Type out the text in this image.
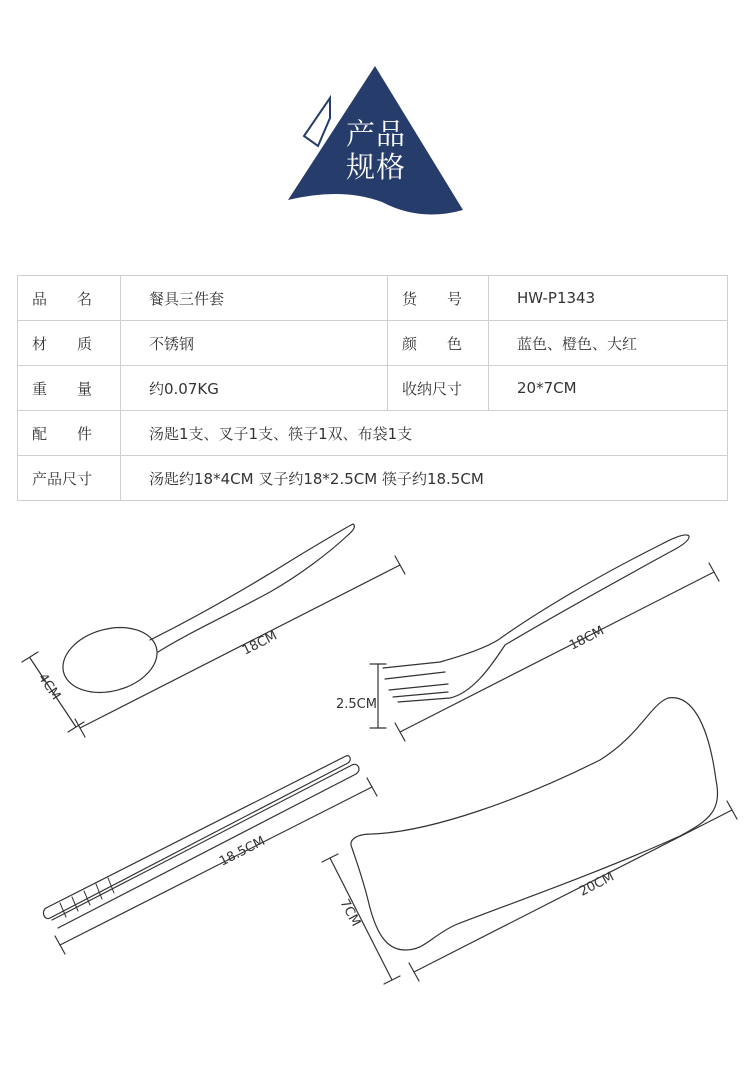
产品
规格
品　　名	餐具三件套	货　　号	HW-P1343
材　　质	不锈钢	颜　　色	蓝色、橙色、大红
重　　量	约0.07KG	收纳尺寸	20*7CM
配　　件	汤匙1支、叉子1支、筷子1双、布袋1支		
产品尺寸	汤匙约18*4CM 叉子约18*2.5CM 筷子约18.5CM		
18CM
4CM
18CM
2.5CM
18.5CM
20CM
7CM
